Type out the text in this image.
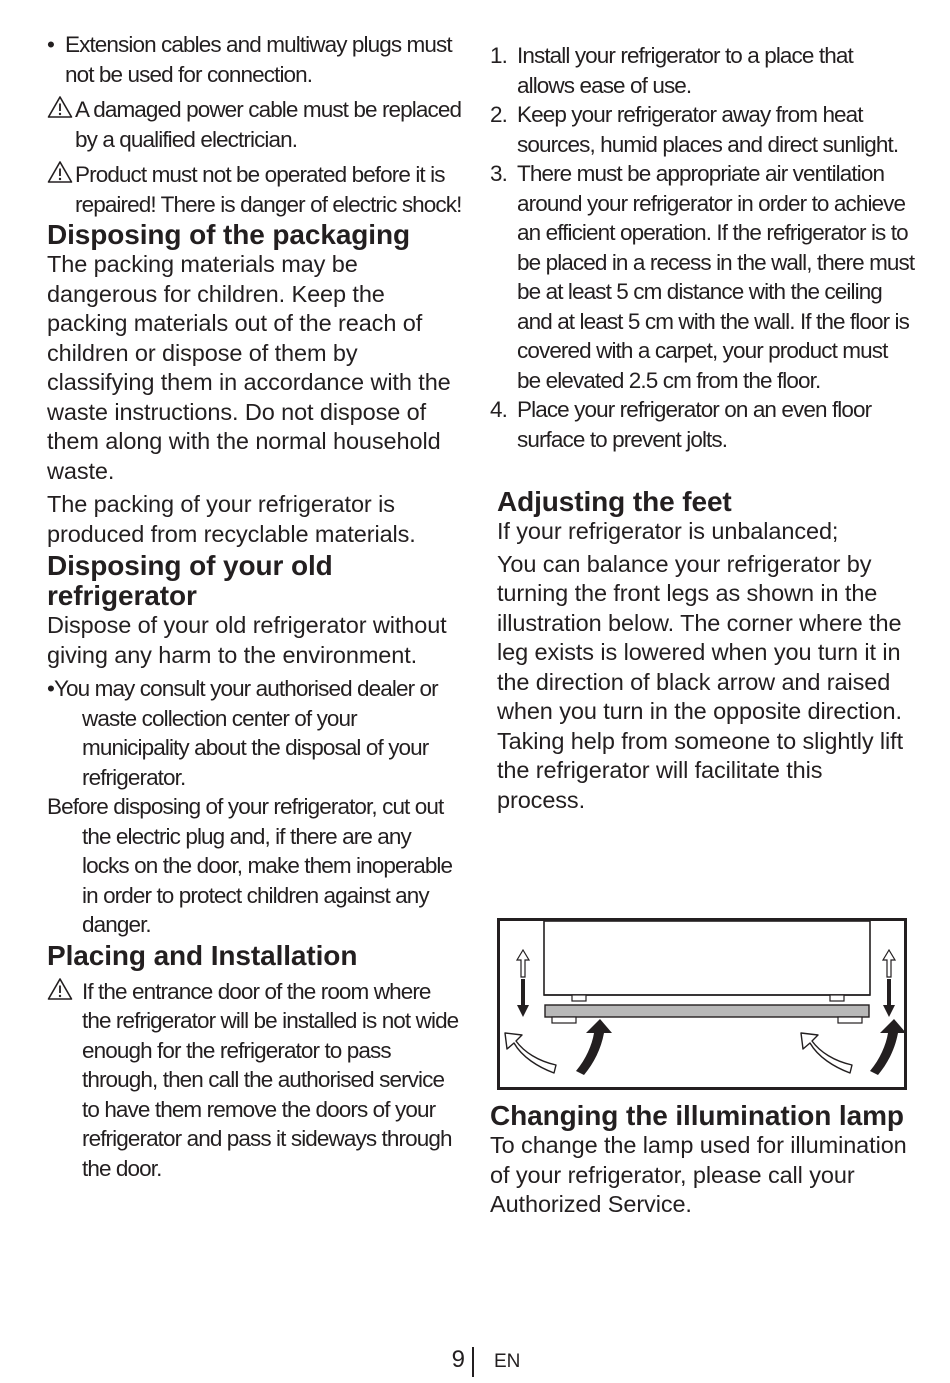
• Extension cables and multiway plugs must not be used for connection.
A damaged power cable must be replaced by a qualified electrician.
Product must not be operated before it is repaired! There is danger of electric shock!
Disposing of the packaging
The packing materials may be dangerous for children. Keep the packing materials out of the reach of children or dispose of them by classifying them in accordance with the waste instructions. Do not dispose of them along with the normal household waste.
The packing of your refrigerator is produced from recyclable materials.
Disposing of your old refrigerator
Dispose of your old refrigerator without giving any harm to the environment.
•You may consult your authorised dealer or waste collection center of your municipality about the disposal of your refrigerator.
Before disposing of your refrigerator, cut out the electric plug and, if there are any locks on the door, make them inoperable in order to protect children against any danger.
Placing and Installation
If the entrance door of the room where the refrigerator will be installed is not wide enough for the refrigerator to pass through, then call the authorised service to have them remove the doors of your refrigerator and pass it sideways through the door.
1. Install your refrigerator to a place that allows ease of use.
2. Keep your refrigerator away from heat sources, humid places and direct sunlight.
3. There must be appropriate air ventilation around your refrigerator in order to achieve an efficient operation. If the refrigerator is to be placed in a recess in the wall, there must be at least 5 cm distance with the ceiling and at least 5 cm with the wall. If the floor is covered with a carpet, your product must be elevated 2.5 cm from the floor.
4. Place your refrigerator on an even floor surface to prevent jolts.
Adjusting the feet
If your refrigerator is unbalanced;
You can balance your refrigerator by turning the front legs as shown in the illustration below. The corner where the leg exists is lowered when you turn it in the direction of black arrow and raised when you turn in the opposite direction. Taking help from someone to slightly lift the refrigerator will facilitate this process.
Changing the illumination lamp
To change the lamp used for illumination of your refrigerator, please call your Authorized Service.
9 EN
